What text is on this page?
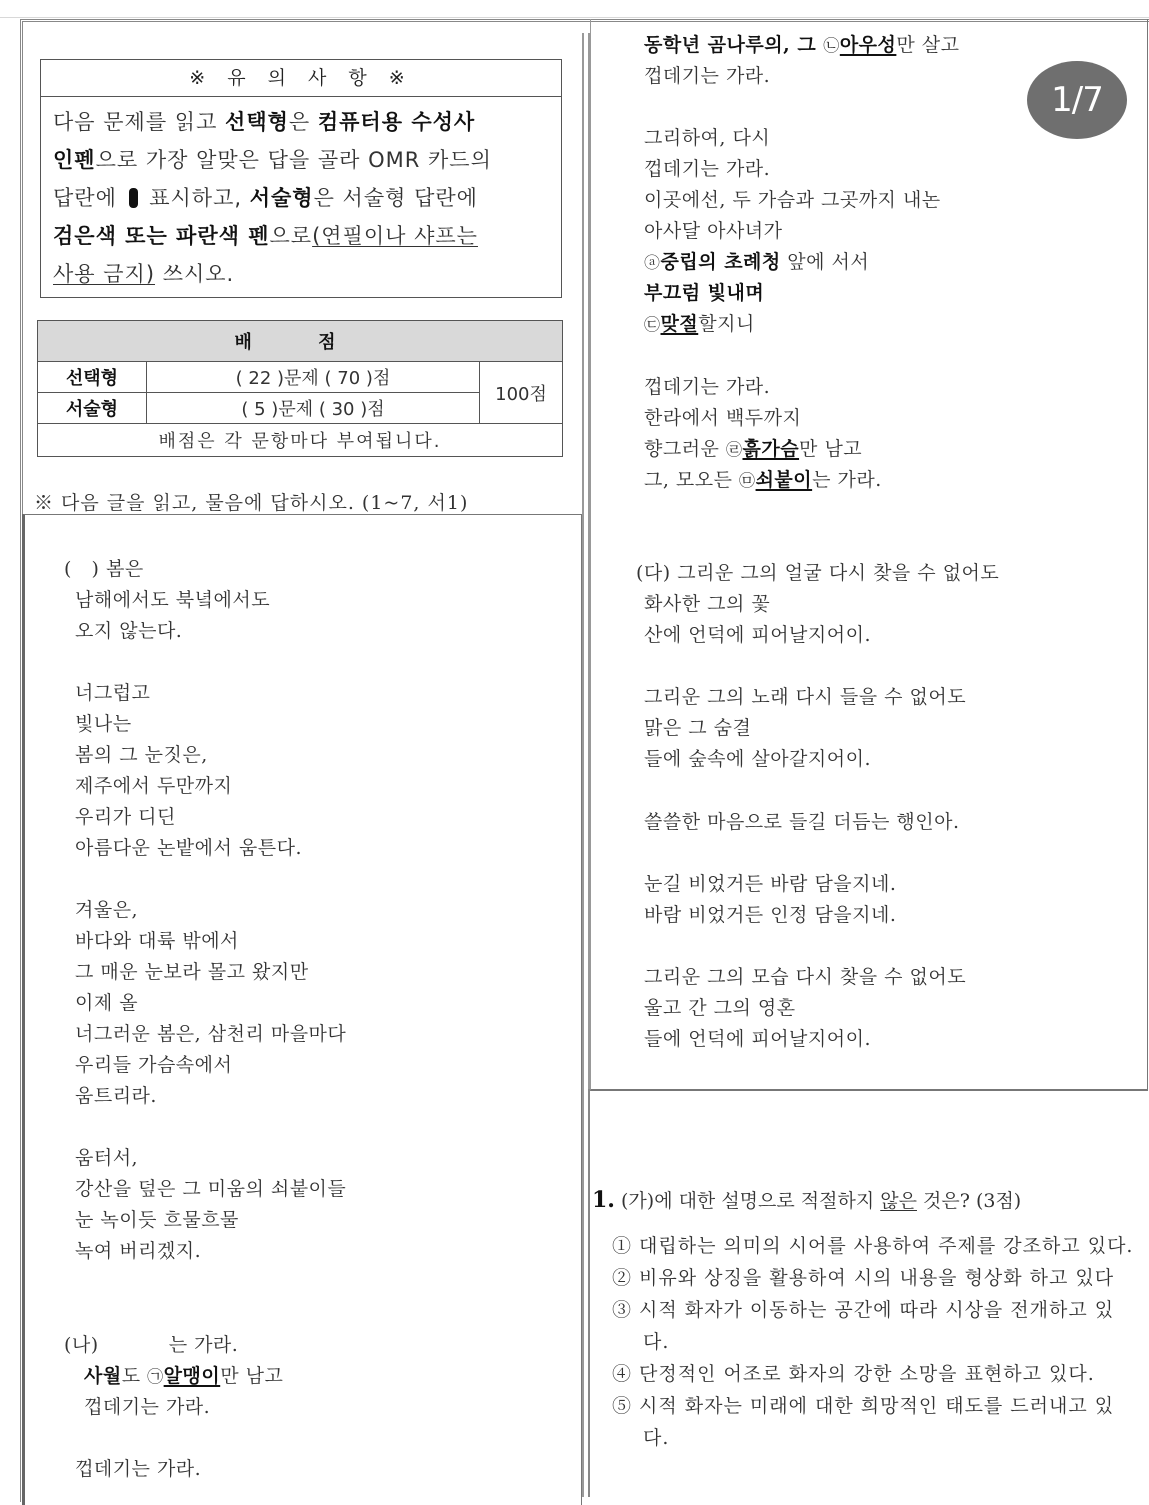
※ 유 의 사 항 ※
다음 문제를 읽고 선택형은 컴퓨터용 수성사
인펜으로 가장 알맞은 답을 골라 OMR 카드의
답란에  표시하고, 서술형은 서술형 답란에
검은색 또는 파란색 펜으로(연필이나 샤프는
사용 금지) 쓰시오.
배 점		
선택형	( 22 )문제 ( 70 )점	100점
서술형	( 5 )문제 ( 30 )점	
배점은 각 문항마다 부여됩니다.		
※ 다음 글을 읽고, 물음에 답하시오. (1~7, 서1)
(   ) 봄은
남해에서도 북녘에서도
오지 않는다.
너그럽고
빛나는
봄의 그 눈짓은,
제주에서 두만까지
우리가 디딘
아름다운 논밭에서 움튼다.
겨울은,
바다와 대륙 밖에서
그 매운 눈보라 몰고 왔지만
이제 올
너그러운 봄은, 삼천리 마을마다
우리들 가슴속에서
움트리라.
움터서,
강산을 덮은 그 미움의 쇠붙이들
눈 녹이듯 흐물흐물
녹여 버리겠지.
(나)	는 가라.
사월도 ㉠알맹이만 남고
껍데기는 가라.
껍데기는 가라.
동학년 곰나루의, 그 ㉡아우성만 살고
껍데기는 가라.
그리하여, 다시
껍데기는 가라.
이곳에선, 두 가슴과 그곳까지 내논
아사달 아사녀가
ⓐ중립의 초례청 앞에 서서
부끄럼 빛내며
㉢맞절할지니
껍데기는 가라.
한라에서 백두까지
향그러운 ㉣흙가슴만 남고
그, 모오든 ㉤쇠붙이는 가라.
(다) 그리운 그의 얼굴 다시 찾을 수 없어도
화사한 그의 꽃
산에 언덕에 피어날지어이.
그리운 그의 노래 다시 들을 수 없어도
맑은 그 숨결
들에 숲속에 살아갈지어이.
쓸쓸한 마음으로 들길 더듬는 행인아.
눈길 비었거든 바람 담을지네.
바람 비었거든 인정 담을지네.
그리운 그의 모습 다시 찾을 수 없어도
울고 간 그의 영혼
들에 언덕에 피어날지어이.
1. (가)에 대한 설명으로 적절하지 않은 것은? (3점)
① 대립하는 의미의 시어를 사용하여 주제를 강조하고 있다.
② 비유와 상징을 활용하여 시의 내용을 형상화 하고 있다
③ 시적 화자가 이동하는 공간에 따라 시상을 전개하고 있

다.
④ 단정적인 어조로 화자의 강한 소망을 표현하고 있다.
⑤ 시적 화자는 미래에 대한 희망적인 태도를 드러내고 있

다.
1/7
